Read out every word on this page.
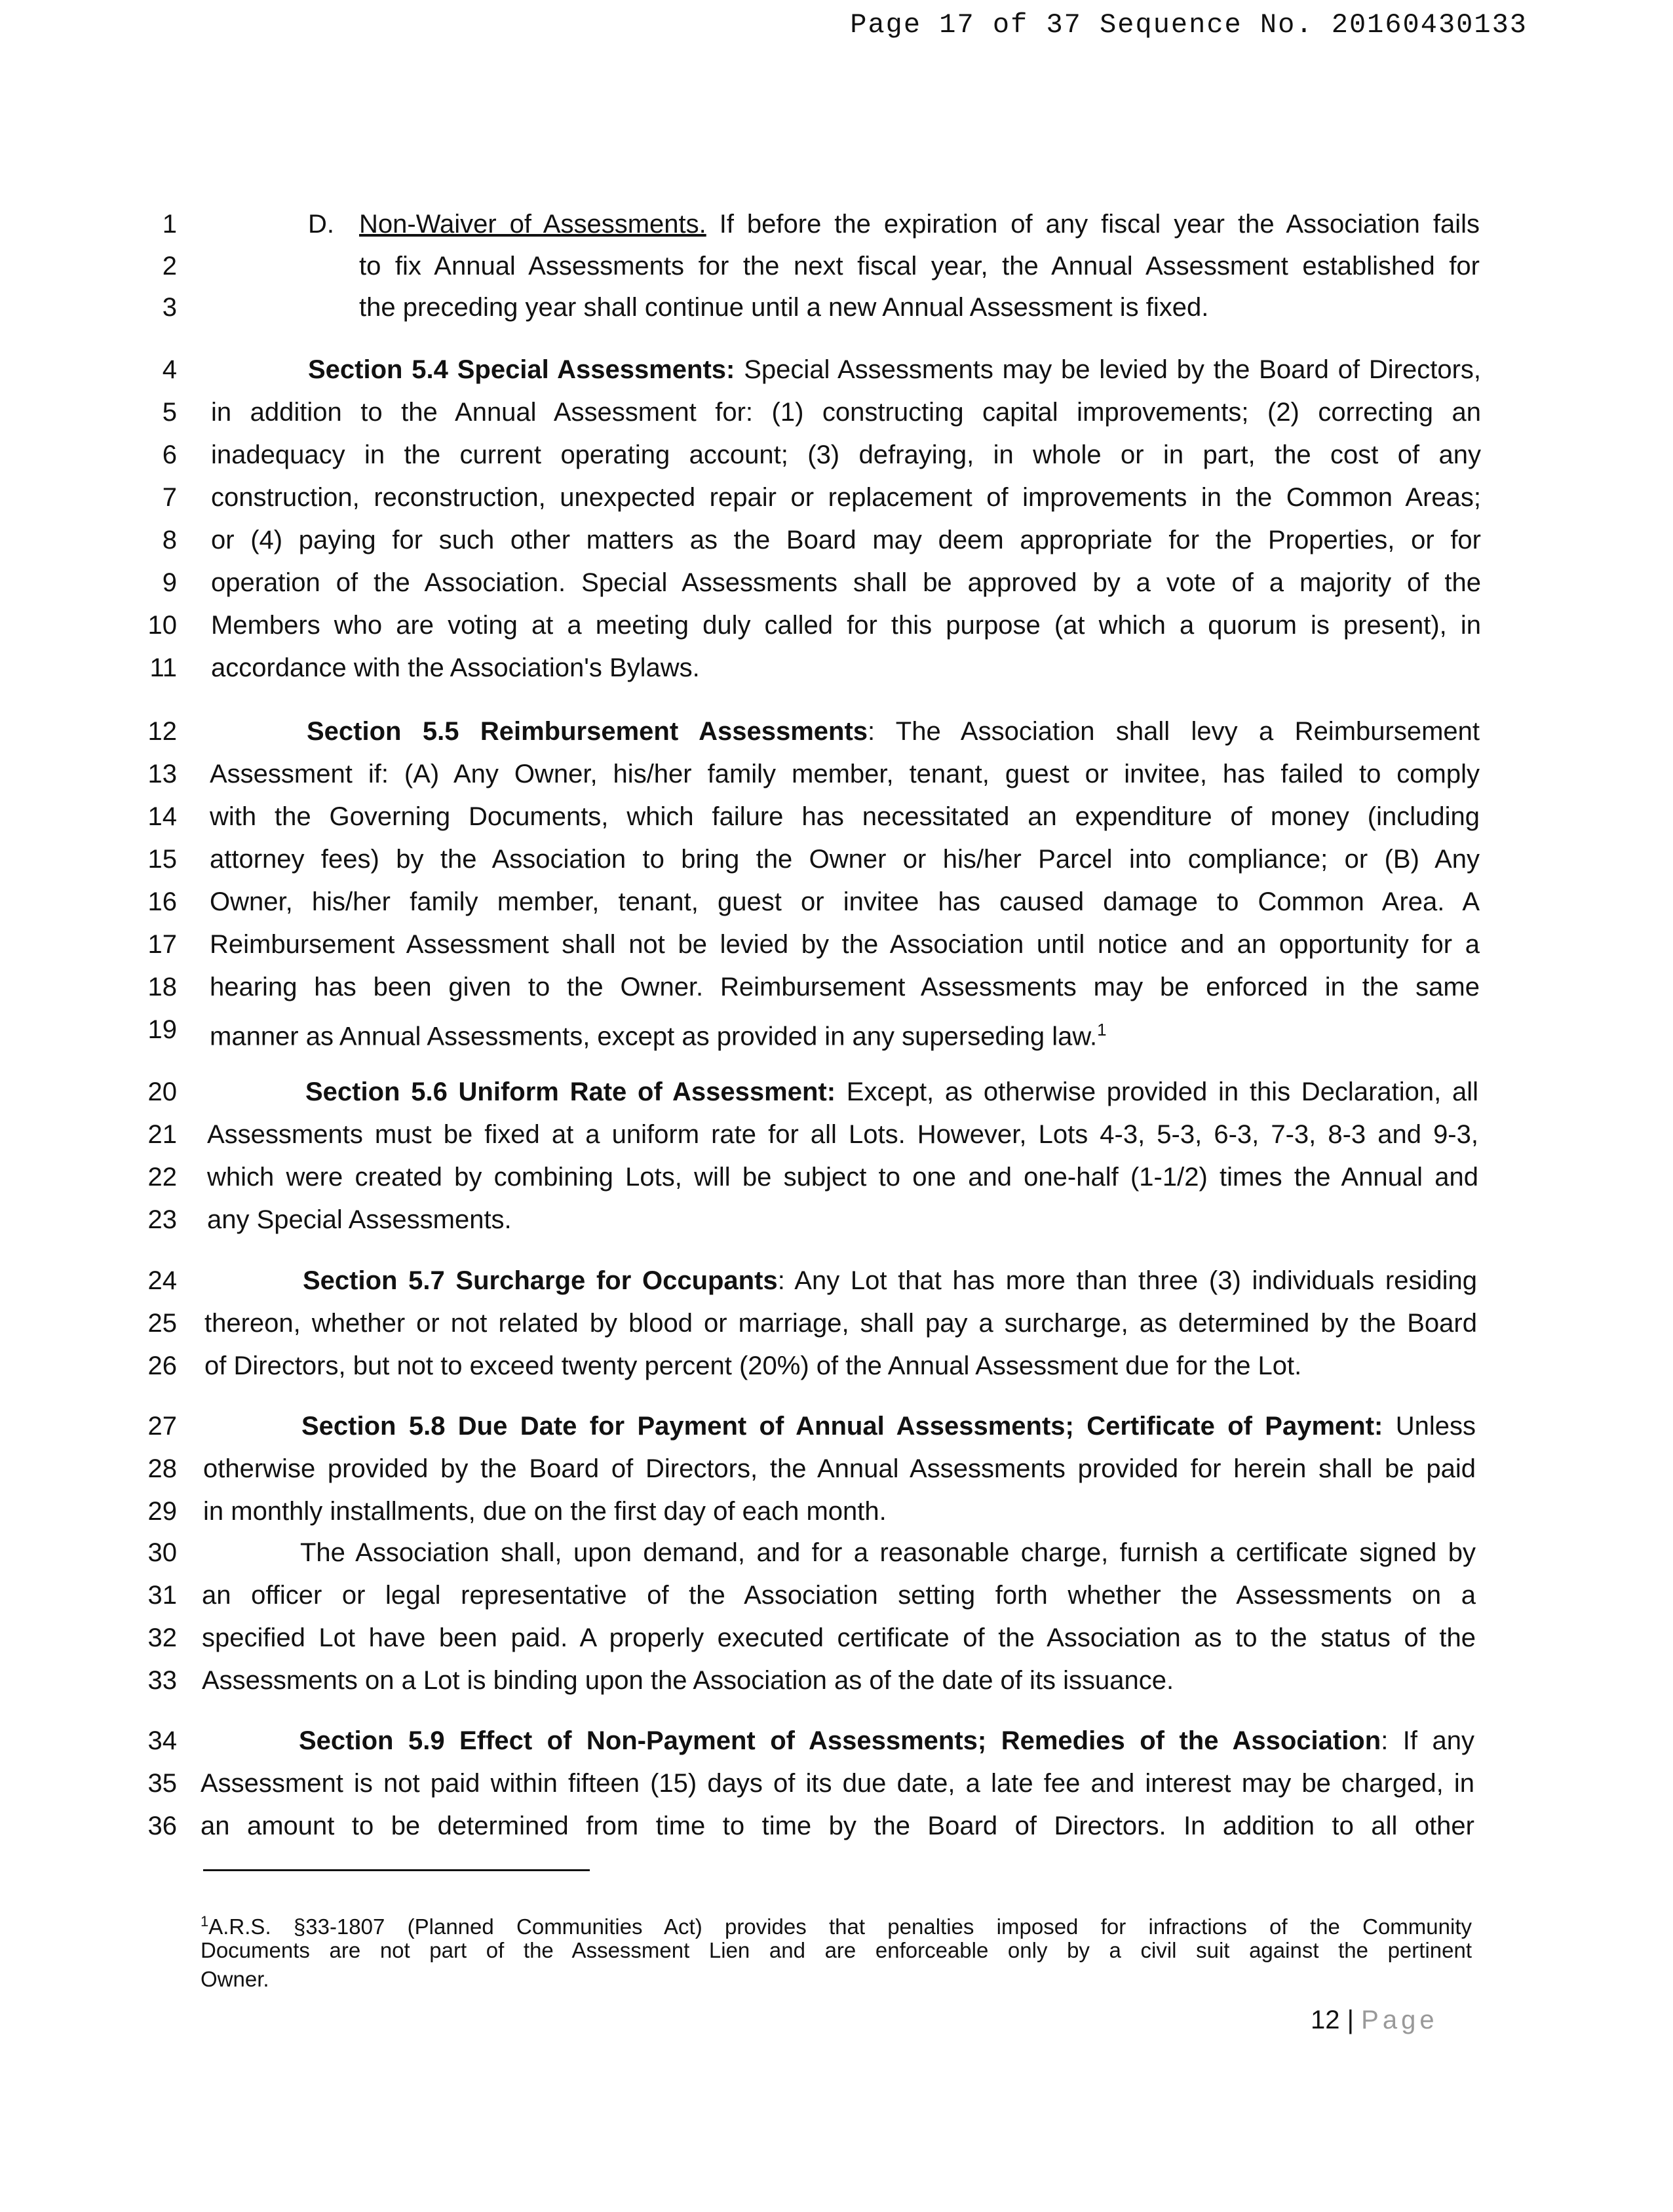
Page 17 of 37 Sequence No. 20160430133
1
2
3
4
5
6
7
8
9
10
11
12
13
14
15
16
17
18
19
20
21
22
23
24
25
26
27
28
29
30
31
32
33
34
35
36
D. Non-Waiver of Assessments. If before the expiration of any fiscal year the Association fails
to fix Annual Assessments for the next fiscal year, the Annual Assessment established for
the preceding year shall continue until a new Annual Assessment is fixed.
Section 5.4 Special Assessments: Special Assessments may be levied by the Board of Directors,
in addition to the Annual Assessment for: (1) constructing capital improvements; (2) correcting an
inadequacy in the current operating account; (3) defraying, in whole or in part, the cost of any
construction, reconstruction, unexpected repair or replacement of improvements in the Common Areas;
or (4) paying for such other matters as the Board may deem appropriate for the Properties, or for
operation of the Association. Special Assessments shall be approved by a vote of a majority of the
Members who are voting at a meeting duly called for this purpose (at which a quorum is present), in
accordance with the Association's Bylaws.
Section 5.5 Reimbursement Assessments: The Association shall levy a Reimbursement
Assessment if: (A) Any Owner, his/her family member, tenant, guest or invitee, has failed to comply
with the Governing Documents, which failure has necessitated an expenditure of money (including
attorney fees) by the Association to bring the Owner or his/her Parcel into compliance; or (B) Any
Owner, his/her family member, tenant, guest or invitee has caused damage to Common Area. A
Reimbursement Assessment shall not be levied by the Association until notice and an opportunity for a
hearing has been given to the Owner. Reimbursement Assessments may be enforced in the same
manner as Annual Assessments, except as provided in any superseding law.$^1$
Section 5.6 Uniform Rate of Assessment: Except, as otherwise provided in this Declaration, all
Assessments must be fixed at a uniform rate for all Lots. However, Lots 4-3, 5-3, 6-3, 7-3, 8-3 and 9-3,
which were created by combining Lots, will be subject to one and one-half (1-1/2) times the Annual and
any Special Assessments.
Section 5.7 Surcharge for Occupants: Any Lot that has more than three (3) individuals residing
thereon, whether or not related by blood or marriage, shall pay a surcharge, as determined by the Board
of Directors, but not to exceed twenty percent (20%) of the Annual Assessment due for the Lot.
Section 5.8 Due Date for Payment of Annual Assessments; Certificate of Payment: Unless
otherwise provided by the Board of Directors, the Annual Assessments provided for herein shall be paid
in monthly installments, due on the first day of each month.
The Association shall, upon demand, and for a reasonable charge, furnish a certificate signed by
an officer or legal representative of the Association setting forth whether the Assessments on a
specified Lot have been paid. A properly executed certificate of the Association as to the status of the
Assessments on a Lot is binding upon the Association as of the date of its issuance.
Section 5.9 Effect of Non-Payment of Assessments; Remedies of the Association: If any
Assessment is not paid within fifteen (15) days of its due date, a late fee and interest may be charged, in
an amount to be determined from time to time by the Board of Directors. In addition to all other
$^1$A.R.S. §33-1807 (Planned Communities Act) provides that penalties imposed for infractions of the Community
Documents are not part of the Assessment Lien and are enforceable only by a civil suit against the pertinent
Owner.
12 | Page
